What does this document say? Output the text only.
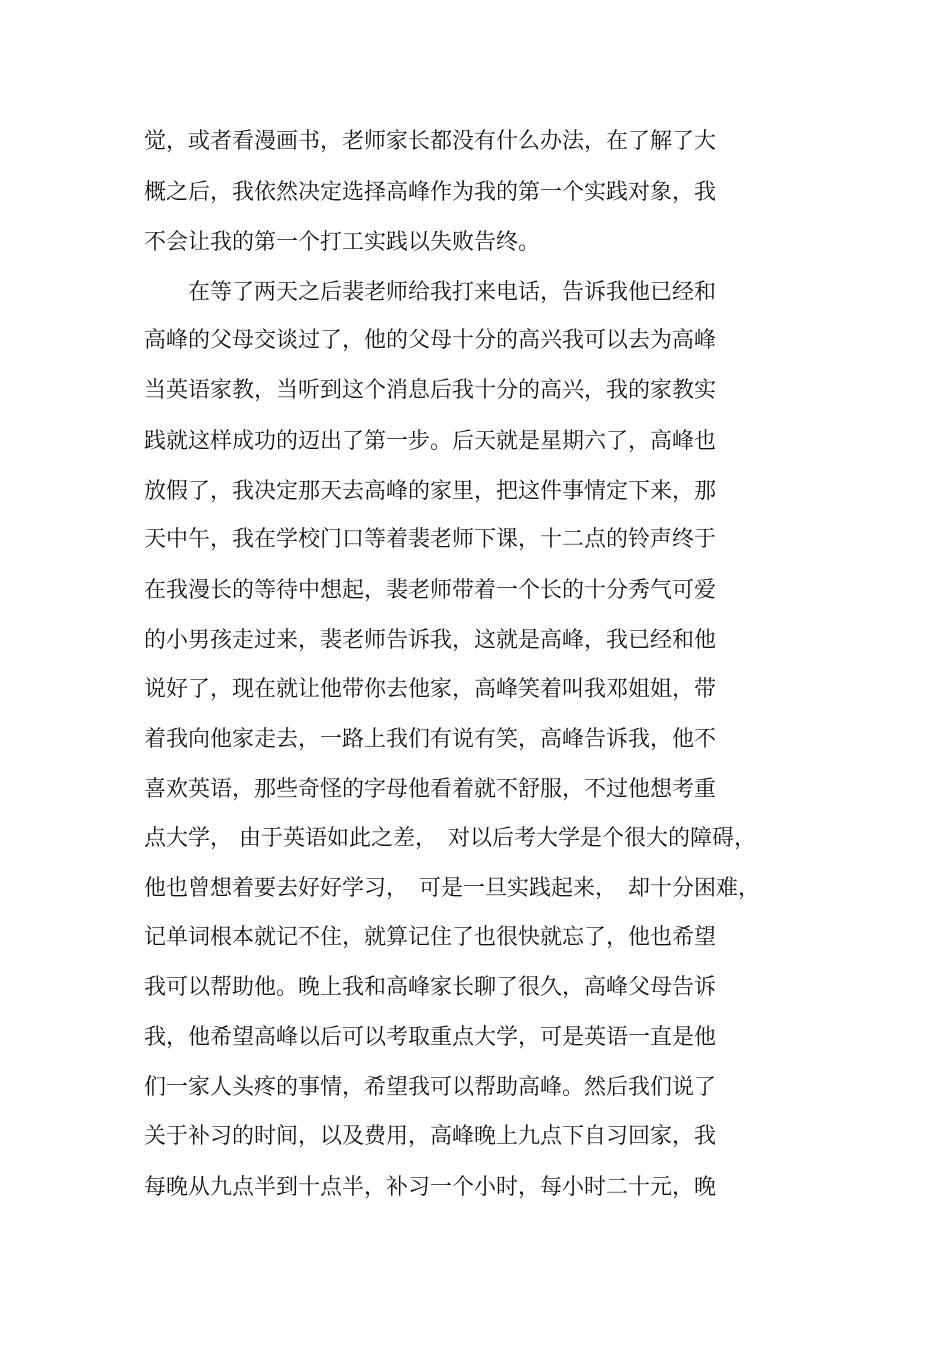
觉，或者看漫画书，老师家长都没有什么办法，在了解了大
概之后，我依然决定选择高峰作为我的第一个实践对象，我
不会让我的第一个打工实践以失败告终。
　　在等了两天之后裴老师给我打来电话，告诉我他已经和
高峰的父母交谈过了，他的父母十分的高兴我可以去为高峰
当英语家教，当听到这个消息后我十分的高兴，我的家教实
践就这样成功的迈出了第一步。后天就是星期六了，高峰也
放假了，我决定那天去高峰的家里，把这件事情定下来，那
天中午，我在学校门口等着裴老师下课，十二点的铃声终于
在我漫长的等待中想起，裴老师带着一个长的十分秀气可爱
的小男孩走过来，裴老师告诉我，这就是高峰，我已经和他
说好了，现在就让他带你去他家，高峰笑着叫我邓姐姐，带
着我向他家走去，一路上我们有说有笑，高峰告诉我，他不
喜欢英语，那些奇怪的字母他看着就不舒服，不过他想考重
点大学， 由于英语如此之差，　对以后考大学是个很大的障碍，
他也曾想着要去好好学习，　可是一旦实践起来，　却十分困难，
记单词根本就记不住，就算记住了也很快就忘了，他也希望
我可以帮助他。晚上我和高峰家长聊了很久，高峰父母告诉
我，他希望高峰以后可以考取重点大学，可是英语一直是他
们一家人头疼的事情，希望我可以帮助高峰。然后我们说了
关于补习的时间，以及费用，高峰晚上九点下自习回家，我
每晚从九点半到十点半，补习一个小时，每小时二十元，晚
